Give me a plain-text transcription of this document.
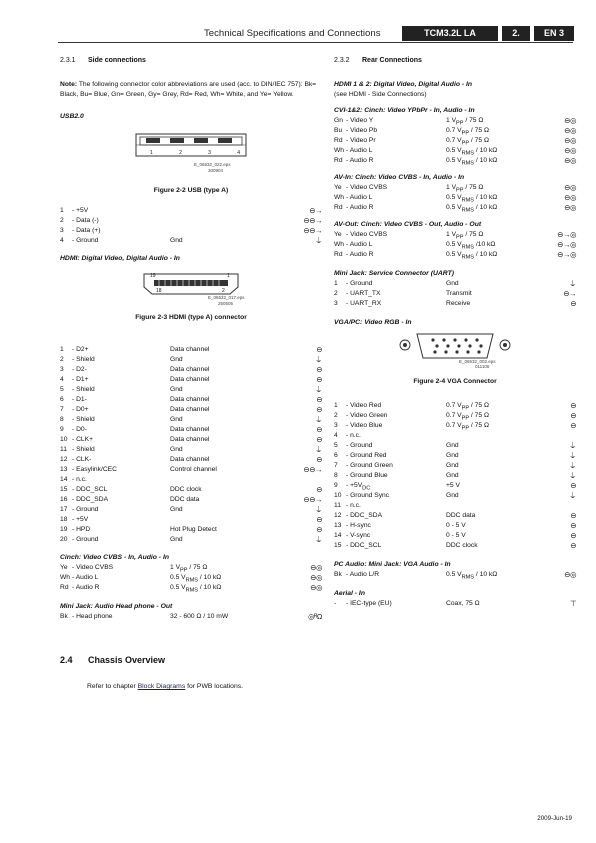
Technical Specifications and Connections	TCM3.2L LA	2.	EN 3
2.3.1 Side connections

Note: The following connector color abbreviations are used (acc. to DIN/IEC 757): Bk= Black, Bu= Blue, Gn= Green, Gy= Grey, Rd= Red, Wh= White, and Ye= Yellow.

USB2.0

1	2	3	4
E_06532_022.eps
300904
Figure 2-2 USB (type A)
1 - +5V	⊖→
2 - Data (-)	⊖⊖→
3 - Data (+)	⊖⊖→
4 - Ground	Gnd	⏚

HDMI: Digital Video, Digital Audio - In

19	1
18	2
E_06532_017.eps
250505
Figure 2-3 HDMI (type A) connector
1 - D2+	Data channel	⊖
2 - Shield	Gnd	⏚
3 - D2-	Data channel	⊖
4 - D1+	Data channel	⊖
5 - Shield	Gnd	⏚
6 - D1-	Data channel	⊖
7 - D0+	Data channel	⊖
8 - Shield	Gnd	⏚
9 - D0-	Data channel	⊖
10 - CLK+	Data channel	⊖
11 - Shield	Gnd	⏚
12 - CLK-	Data channel	⊖
13 - Easylink/CEC	Control channel	⊖⊖→
14 - n.c.
15 - DDC_SCL	DDC clock	⊖
16 - DDC_SDA	DDC data	⊖⊖→
17 - Ground	Gnd	⏚
18 - +5V	⊖
19 - HPD	Hot Plug Detect	⊖
20 - Ground	Gnd	⏚

Cinch: Video CVBS - In, Audio - In

Ye - Video CVBS	1 $V_{PP} / 75$ Ω	⊖◎
Wh - Audio L	0.5 $V_{RMS} / 10$ kΩ	⊖◎
Rd - Audio R	0.5 $V_{RMS} / 10$ kΩ	⊖◎

Mini Jack: Audio Head phone - Out

Bk - Head phone	32 - 600 Ω / 10 mW	◎ᴿΩ
2.3.2 Rear Connections

HDMI 1 & 2: Digital Video, Digital Audio - In

(see HDMI - Side Connections)

CVI-1&2: Cinch: Video YPbPr - In, Audio - In

Gn - Video Y	1 $V_{PP} / 75$ Ω	⊖◎
Bu - Video Pb	0.7 $V_{PP} / 75$ Ω	⊖◎
Rd - Video Pr	0.7 $V_{PP} / 75$ Ω	⊖◎
Wh - Audio L	0.5 $V_{RMS} / 10$ kΩ	⊖◎
Rd - Audio R	0.5 $V_{RMS} / 10$ kΩ	⊖◎

AV-In: Cinch: Video CVBS - In, Audio - In

Ye - Video CVBS	1 $V_{PP} / 75$ Ω	⊖◎
Wh - Audio L	0.5 $V_{RMS} / 10$ kΩ	⊖◎
Rd - Audio R	0.5 $V_{RMS} / 10$ kΩ	⊖◎

AV-Out: Cinch: Video CVBS - Out, Audio - Out

Ye - Video CVBS	1 $V_{PP} / 75$ Ω	⊖→◎
Wh - Audio L	0.5 $V_{RMS}$ /10 kΩ	⊖→◎
Rd - Audio R	0.5 $V_{RMS} / 10$ kΩ	⊖→◎

Mini Jack: Service Connector (UART)

1 - Ground	Gnd	⏚
2 - UART_TX	Transmit	⊖→
3 - UART_RX	Receive	⊖

VGA/PC: Video RGB - In

E_06532_002.eps
011106
Figure 2-4 VGA Connector
1 - Video Red	0.7 $V_{PP} / 75$ Ω	⊖
2 - Video Green	0.7 $V_{PP} / 75$ Ω	⊖
3 - Video Blue	0.7 $V_{PP} / 75$ Ω	⊖
4 - n.c.
5 - Ground	Gnd	⏚
6 - Ground Red	Gnd	⏚
7 - Ground Green	Gnd	⏚
8 - Ground Blue	Gnd	⏚
$9 - +5V_{DC}$	+5 V	⊖
10 - Ground Sync	Gnd	⏚
11 - n.c.
12 - DDC_SDA	DDC data	⊖
13 - H-sync	0 - 5 V	⊖
14 - V-sync	0 - 5 V	⊖
15 - DDC_SCL	DDC clock	⊖

PC Audio: Mini Jack: VGA Audio - In

Bk - Audio L/R	0.5 $V_{RMS} / 10$ kΩ	⊖◎

Aerial - In

- - IEC-type (EU)	Coax, 75 Ω	⊤
2.4 Chassis Overview
Refer to chapter Block Diagrams for PWB locations.
2009-Jun-19
